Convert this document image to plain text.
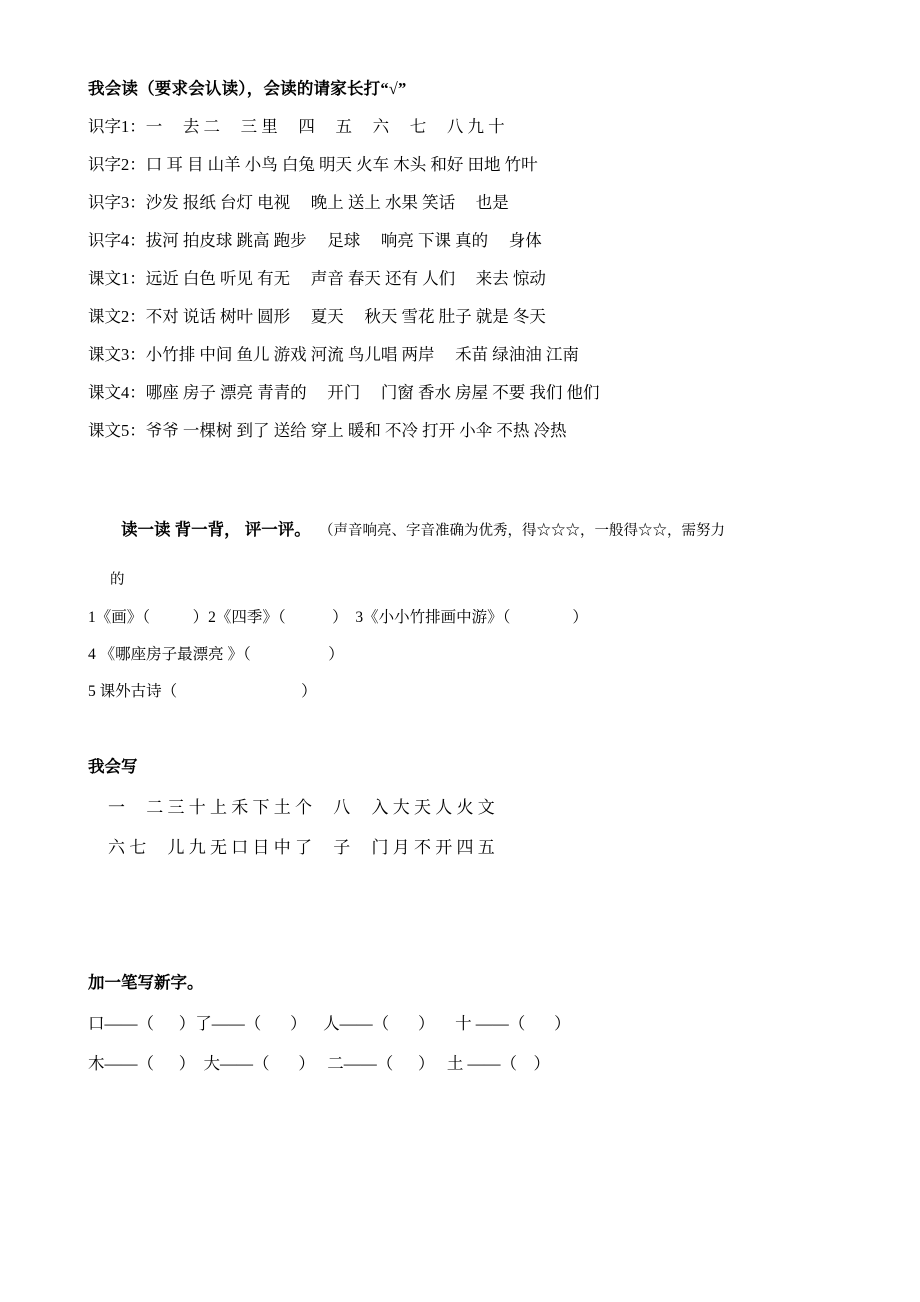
我会读（要求会认读），会读的请家长打“√”
识字1：一　 去 二　 三 里　 四　 五　 六　 七　 八 九 十
识字2：口 耳 目 山羊 小鸟 白兔 明天 火车 木头 和好 田地 竹叶
识字3：沙发 报纸 台灯 电视　 晚上 送上 水果 笑话　 也是
识字4：拔河 拍皮球 跳高 跑步　 足球　 响亮 下课 真的　 身体
课文1：远近 白色 听见 有无　 声音 春天 还有 人们　 来去 惊动
课文2：不对 说话 树叶 圆形　 夏天　 秋天 雪花 肚子 就是 冬天
课文3：小竹排 中间 鱼儿 游戏 河流 鸟儿唱 两岸　 禾苗 绿油油 江南
课文4：哪座 房子 漂亮 青青的　 开门　 门窗 香水 房屋 不要 我们 他们
课文5：爷爷 一棵树 到了 送给 穿上 暖和 不冷 打开 小伞 不热 冷热

读一读 背一背， 评一评。 （声音响亮、字音准确为优秀，得☆☆☆，一般得☆☆，需努力

的
1《画》（           ）2《四季》（            ）  3《小小竹排画中游》（                ）
4 《哪座房子最漂亮 》（                    ）
5 课外古诗（                                ）
我会写
一　 二 三 十 上 禾 下 土 个　 八　 入 大 天 人 火 文
六 七　 儿 九 无 口 日 中 了　 子　 门 月 不 开 四 五
加一笔写新字。
口——（      ）了——（       ）    人——（       ）     十 ——（       ）
木——（      ）  大——（       ）   二——（      ）   土 ——（    ）
